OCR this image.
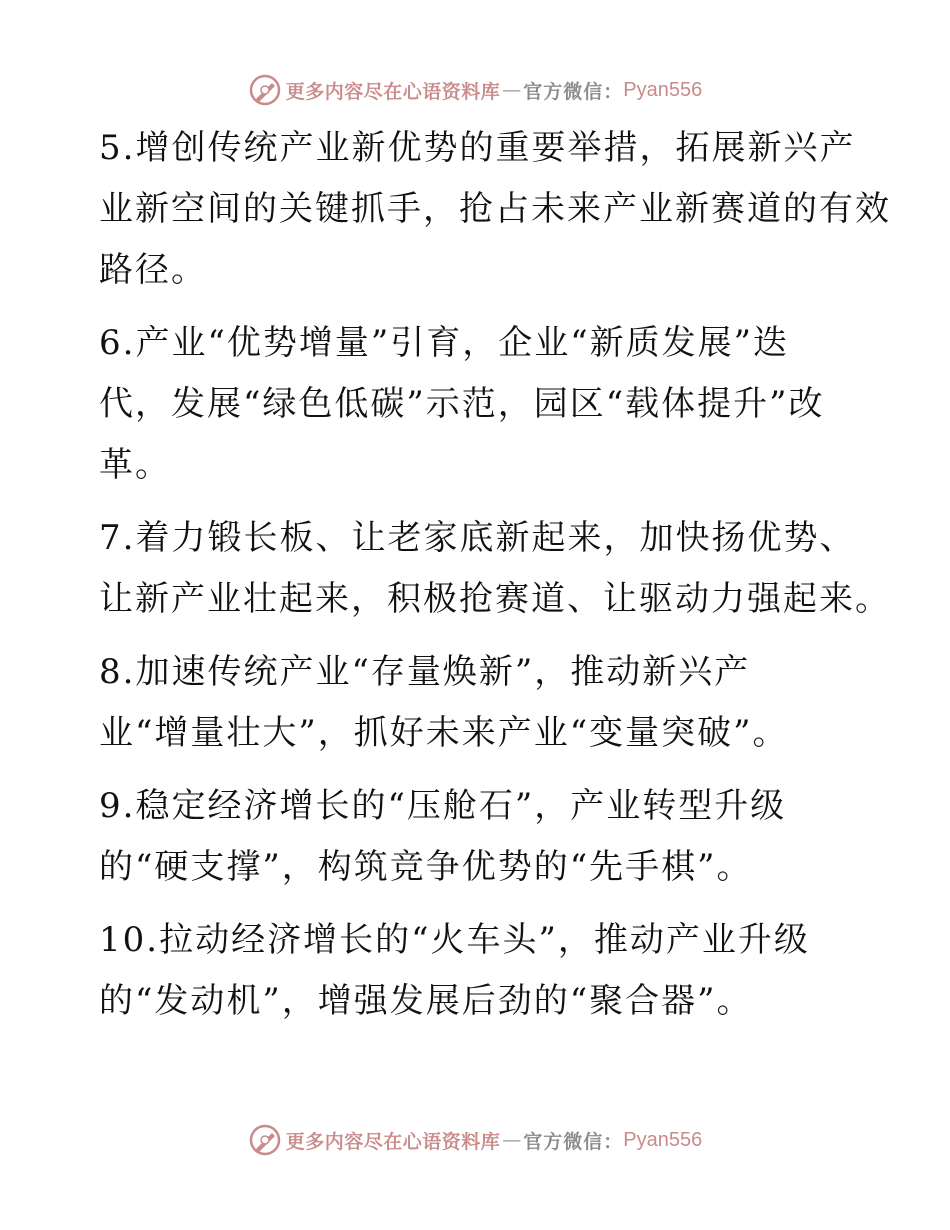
更多内容尽在心语资料库 — 官方微信： Pyan556

5.增创传统产业新优势的重要举措，拓展新兴产
业新空间的关键抓手，抢占未来产业新赛道的有效
路径。

6.产业“优势增量”引育，企业“新质发展”迭
代，发展“绿色低碳”示范，园区“载体提升”改
革。

7.着力锻长板、让老家底新起来，加快扬优势、
让新产业壮起来，积极抢赛道、让驱动力强起来。

8.加速传统产业“存量焕新”，推动新兴产
业“增量壮大”，抓好未来产业“变量突破”。

9.稳定经济增长的“压舱石”，产业转型升级
的“硬支撑”，构筑竞争优势的“先手棋”。

10.拉动经济增长的“火车头”，推动产业升级
的“发动机”，增强发展后劲的“聚合器”。

更多内容尽在心语资料库 — 官方微信： Pyan556
